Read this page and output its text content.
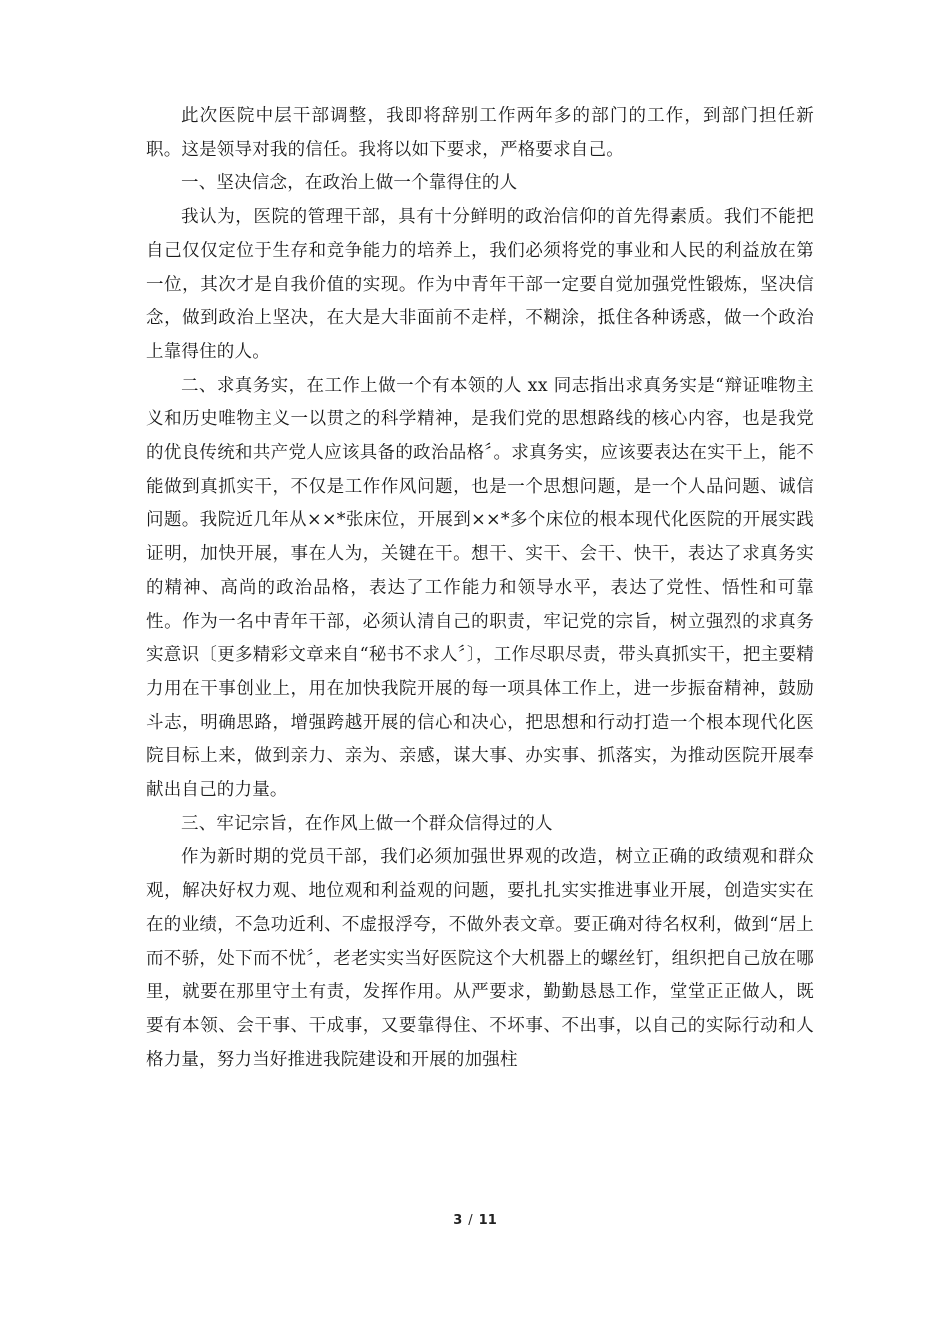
此次医院中层干部调整，我即将辞别工作两年多的部门的工作，到部门担任新职。这是领导对我的信任。我将以如下要求，严格要求自己。

一、坚决信念，在政治上做一个靠得住的人

我认为，医院的管理干部，具有十分鲜明的政治信仰的首先得素质。我们不能把自己仅仅定位于生存和竞争能力的培养上，我们必须将党的事业和人民的利益放在第一位，其次才是自我价值的实现。作为中青年干部一定要自觉加强党性锻炼，坚决信念，做到政治上坚决，在大是大非面前不走样，不糊涂，抵住各种诱惑，做一个政治上靠得住的人。

二、求真务实，在工作上做一个有本领的人 xx 同志指出求真务实是“辩证唯物主义和历史唯物主义一以贯之的科学精神，是我们党的思想路线的核心内容，也是我党的优良传统和共产党人应该具备的政治品格〞。求真务实，应该要表达在实干上，能不能做到真抓实干，不仅是工作作风问题，也是一个思想问题，是一个人品问题、诚信问题。我院近几年从××*张床位，开展到××*多个床位的根本现代化医院的开展实践证明，加快开展，事在人为，关键在干。想干、实干、会干、快干，表达了求真务实的精神、高尚的政治品格，表达了工作能力和领导水平，表达了党性、悟性和可靠性。作为一名中青年干部，必须认清自己的职责，牢记党的宗旨，树立强烈的求真务实意识〔更多精彩文章来自“秘书不求人〞〕，工作尽职尽责，带头真抓实干，把主要精力用在干事创业上，用在加快我院开展的每一项具体工作上，进一步振奋精神，鼓励斗志，明确思路，增强跨越开展的信心和决心，把思想和行动打造一个根本现代化医院目标上来，做到亲力、亲为、亲感，谋大事、办实事、抓落实，为推动医院开展奉献出自己的力量。

三、牢记宗旨，在作风上做一个群众信得过的人

作为新时期的党员干部，我们必须加强世界观的改造，树立正确的政绩观和群众观，解决好权力观、地位观和利益观的问题，要扎扎实实推进事业开展，创造实实在在的业绩，不急功近利、不虚报浮夸，不做外表文章。要正确对待名权利，做到“居上而不骄，处下而不忧〞，老老实实当好医院这个大机器上的螺丝钉，组织把自己放在哪里，就要在那里守土有责，发挥作用。从严要求，勤勤恳恳工作，堂堂正正做人，既要有本领、会干事、干成事，又要靠得住、不坏事、不出事，以自己的实际行动和人格力量，努力当好推进我院建设和开展的加强柱

3 / 11
